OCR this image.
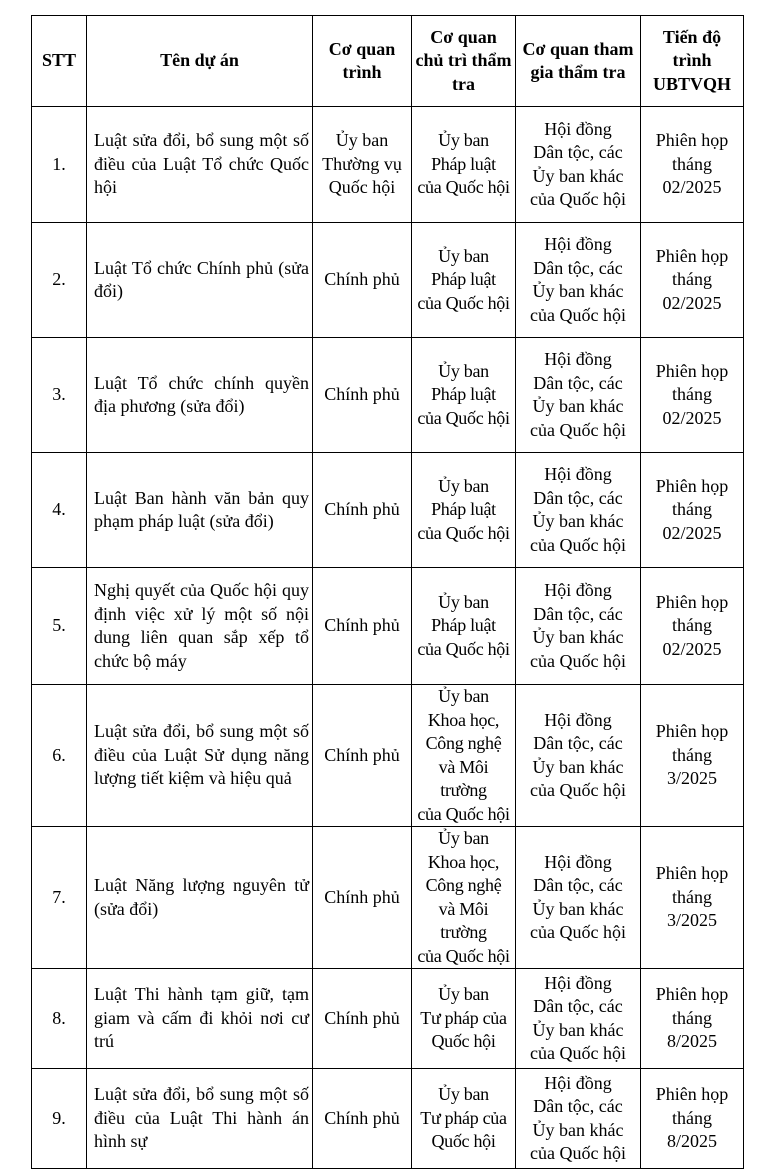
STT	Tên dự án	Cơ quan trình	Cơ quan chủ trì thẩm tra	Cơ quan tham gia thẩm tra	Tiến độ trình UBTVQH
1.	Luật sửa đổi, bổ sung một số điều của Luật Tổ chức Quốc hội	Ủy ban
Thường vụ
Quốc hội	Ủy ban
Pháp luật
của Quốc hội	Hội đồng
Dân tộc, các
Ủy ban khác
của Quốc hội	Phiên họp
tháng
02/2025

2.	Luật Tổ chức Chính phủ (sửa đổi)	Chính phủ	Ủy ban
Pháp luật
của Quốc hội	Hội đồng
Dân tộc, các
Ủy ban khác
của Quốc hội	Phiên họp
tháng
02/2025

3.	Luật Tổ chức chính quyền địa phương (sửa đổi)	Chính phủ	Ủy ban
Pháp luật
của Quốc hội	Hội đồng
Dân tộc, các
Ủy ban khác
của Quốc hội	Phiên họp
tháng
02/2025

4.	Luật Ban hành văn bản quy phạm pháp luật (sửa đổi)	Chính phủ	Ủy ban
Pháp luật
của Quốc hội	Hội đồng
Dân tộc, các
Ủy ban khác
của Quốc hội	Phiên họp
tháng
02/2025

5.	Nghị quyết của Quốc hội quy định việc xử lý một số nội dung liên quan sắp xếp tổ chức bộ máy	Chính phủ	Ủy ban
Pháp luật
của Quốc hội	Hội đồng
Dân tộc, các
Ủy ban khác
của Quốc hội	Phiên họp
tháng
02/2025

6.	Luật sửa đổi, bổ sung một số điều của Luật Sử dụng năng lượng tiết kiệm và hiệu quả	Chính phủ	Ủy ban
Khoa học,
Công nghệ
và Môi trường
của Quốc hội	Hội đồng
Dân tộc, các
Ủy ban khác
của Quốc hội	Phiên họp
tháng
3/2025

7.	Luật Năng lượng nguyên tử (sửa đổi)	Chính phủ	Ủy ban
Khoa học,
Công nghệ
và Môi trường
của Quốc hội	Hội đồng
Dân tộc, các
Ủy ban khác
của Quốc hội	Phiên họp
tháng
3/2025

8.	Luật Thi hành tạm giữ, tạm giam và cấm đi khỏi nơi cư trú	Chính phủ	Ủy ban
Tư pháp của
Quốc hội	Hội đồng
Dân tộc, các
Ủy ban khác
của Quốc hội	Phiên họp
tháng
8/2025

9.	Luật sửa đổi, bổ sung một số điều của Luật Thi hành án hình sự	Chính phủ	Ủy ban
Tư pháp của
Quốc hội	Hội đồng
Dân tộc, các
Ủy ban khác
của Quốc hội	Phiên họp
tháng
8/2025
